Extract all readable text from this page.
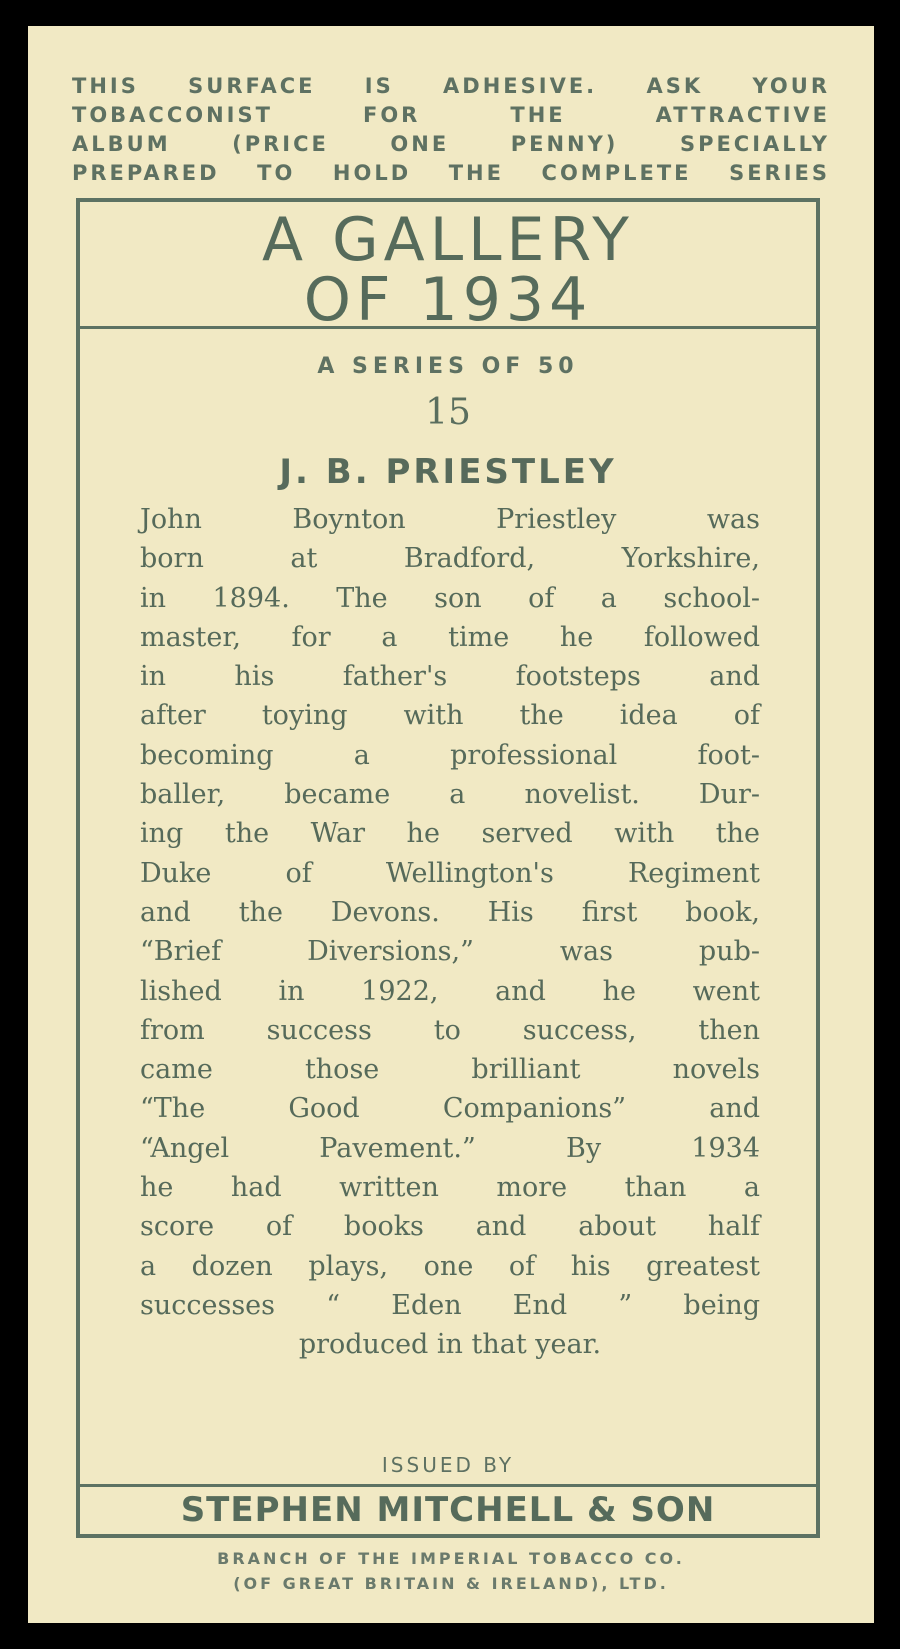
THIS SURFACE IS ADHESIVE. ASK YOUR
TOBACCONIST FOR THE ATTRACTIVE
ALBUM (PRICE ONE PENNY) SPECIALLY
PREPARED TO HOLD THE COMPLETE SERIES
A GALLERY
OF 1934
A SERIES OF 50
15
J. B. PRIESTLEY
John Boynton Priestley was
born at Bradford, Yorkshire,
in 1894. The son of a school-
master, for a time he followed
in his father's footsteps and
after toying with the idea of
becoming a professional foot-
baller, became a novelist. Dur-
ing the War he served with the
Duke of Wellington's Regiment
and the Devons. His first book,
“Brief Diversions,” was pub-
lished in 1922, and he went
from success to success, then
came those brilliant novels
“The Good Companions” and
“Angel Pavement.” By 1934
he had written more than a
score of books and about half
a dozen plays, one of his greatest
successes “ Eden End ” being
produced in that year.
ISSUED BY
STEPHEN MITCHELL & SON
BRANCH OF THE IMPERIAL TOBACCO CO.
(OF GREAT BRITAIN & IRELAND), LTD.
